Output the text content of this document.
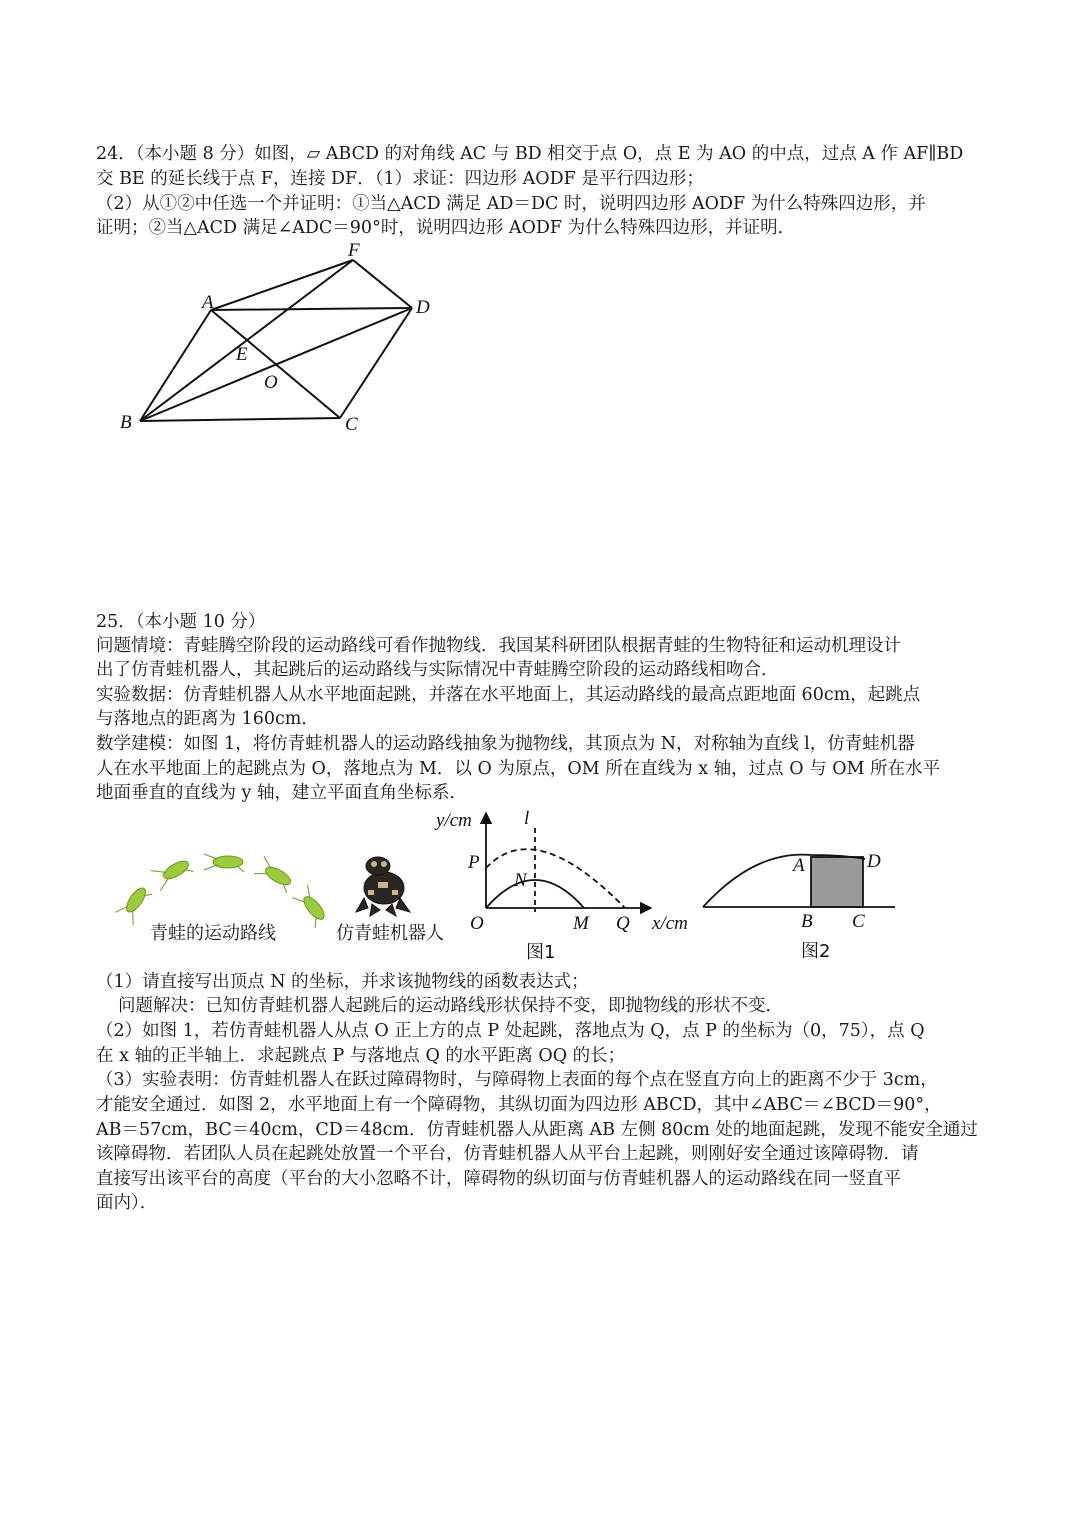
24．（本小题 8 分）如图，▱ ABCD 的对角线 AC 与 BD 相交于点 O，点 E 为 AO 的中点，过点 A 作 AF∥BD
交 BE 的延长线于点 F，连接 DF．（1）求证：四边形 AODF 是平行四边形；
（2）从①②中任选一个并证明：①当△ACD 满足 AD＝DC 时，说明四边形 AODF 为什么特殊四边形，并
证明；②当△ACD 满足∠ADC＝90°时，说明四边形 AODF 为什么特殊四边形，并证明．
A	D
F
E
O
B	C
25．（本小题 10 分）
问题情境：青蛙腾空阶段的运动路线可看作抛物线．我国某科研团队根据青蛙的生物特征和运动机理设计
出了仿青蛙机器人，其起跳后的运动路线与实际情况中青蛙腾空阶段的运动路线相吻合．
实验数据：仿青蛙机器人从水平地面起跳，并落在水平地面上，其运动路线的最高点距地面 60cm，起跳点
与落地点的距离为 160cm．
数学建模：如图 1，将仿青蛙机器人的运动路线抽象为抛物线，其顶点为 N，对称轴为直线 l，仿青蛙机器
人在水平地面上的起跳点为 O，落地点为 M．以 O 为原点，OM 所在直线为 x 轴，过点 O 与 OM 所在水平
地面垂直的直线为 y 轴，建立平面直角坐标系．
青蛙的运动路线	仿青蛙机器人
y/cm
x/cm
l
P
N
O	M Q
图1
A	D
B C
图2
（1）请直接写出顶点 N 的坐标，并求该抛物线的函数表达式；
问题解决：已知仿青蛙机器人起跳后的运动路线形状保持不变，即抛物线的形状不变．
（2）如图 1，若仿青蛙机器人从点 O 正上方的点 P 处起跳，落地点为 Q，点 P 的坐标为（0，75），点 Q
在 x 轴的正半轴上．求起跳点 P 与落地点 Q 的水平距离 OQ 的长；
（3）实验表明：仿青蛙机器人在跃过障碍物时，与障碍物上表面的每个点在竖直方向上的距离不少于 3cm，
才能安全通过．如图 2，水平地面上有一个障碍物，其纵切面为四边形 ABCD，其中∠ABC＝∠BCD＝90°，
AB＝57cm，BC＝40cm，CD＝48cm．仿青蛙机器人从距离 AB 左侧 80cm 处的地面起跳，发现不能安全通过
该障碍物．若团队人员在起跳处放置一个平台，仿青蛙机器人从平台上起跳，则刚好安全通过该障碍物．请
直接写出该平台的高度（平台的大小忽略不计，障碍物的纵切面与仿青蛙机器人的运动路线在同一竖直平
面内）．
